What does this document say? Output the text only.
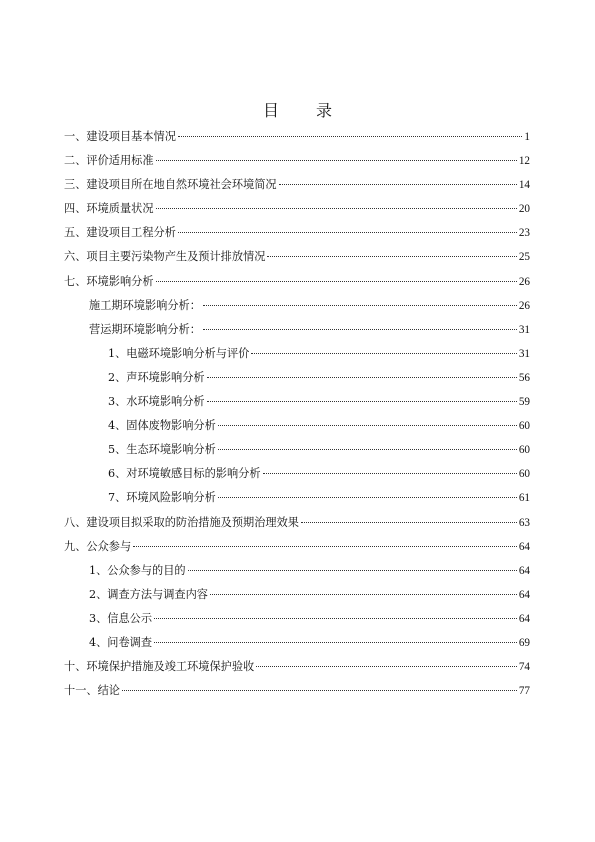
目 录
一、建设项目基本情况	1
二、评价适用标准	12
三、建设项目所在地自然环境社会环境简况	14
四、环境质量状况	20
五、建设项目工程分析	23
六、项目主要污染物产生及预计排放情况	25
七、环境影响分析	26
施工期环境影响分析：	26
营运期环境影响分析：	31
1、电磁环境影响分析与评价	31
2、声环境影响分析	56
3、水环境影响分析	59
4、固体废物影响分析	60
5、生态环境影响分析	60
6、对环境敏感目标的影响分析	60
7、环境风险影响分析	61
八、建设项目拟采取的防治措施及预期治理效果	63
九、公众参与	64
1、公众参与的目的	64
2、调查方法与调查内容	64
3、信息公示	64
4、问卷调查	69
十、环境保护措施及竣工环境保护验收	74
十一、结论	77
